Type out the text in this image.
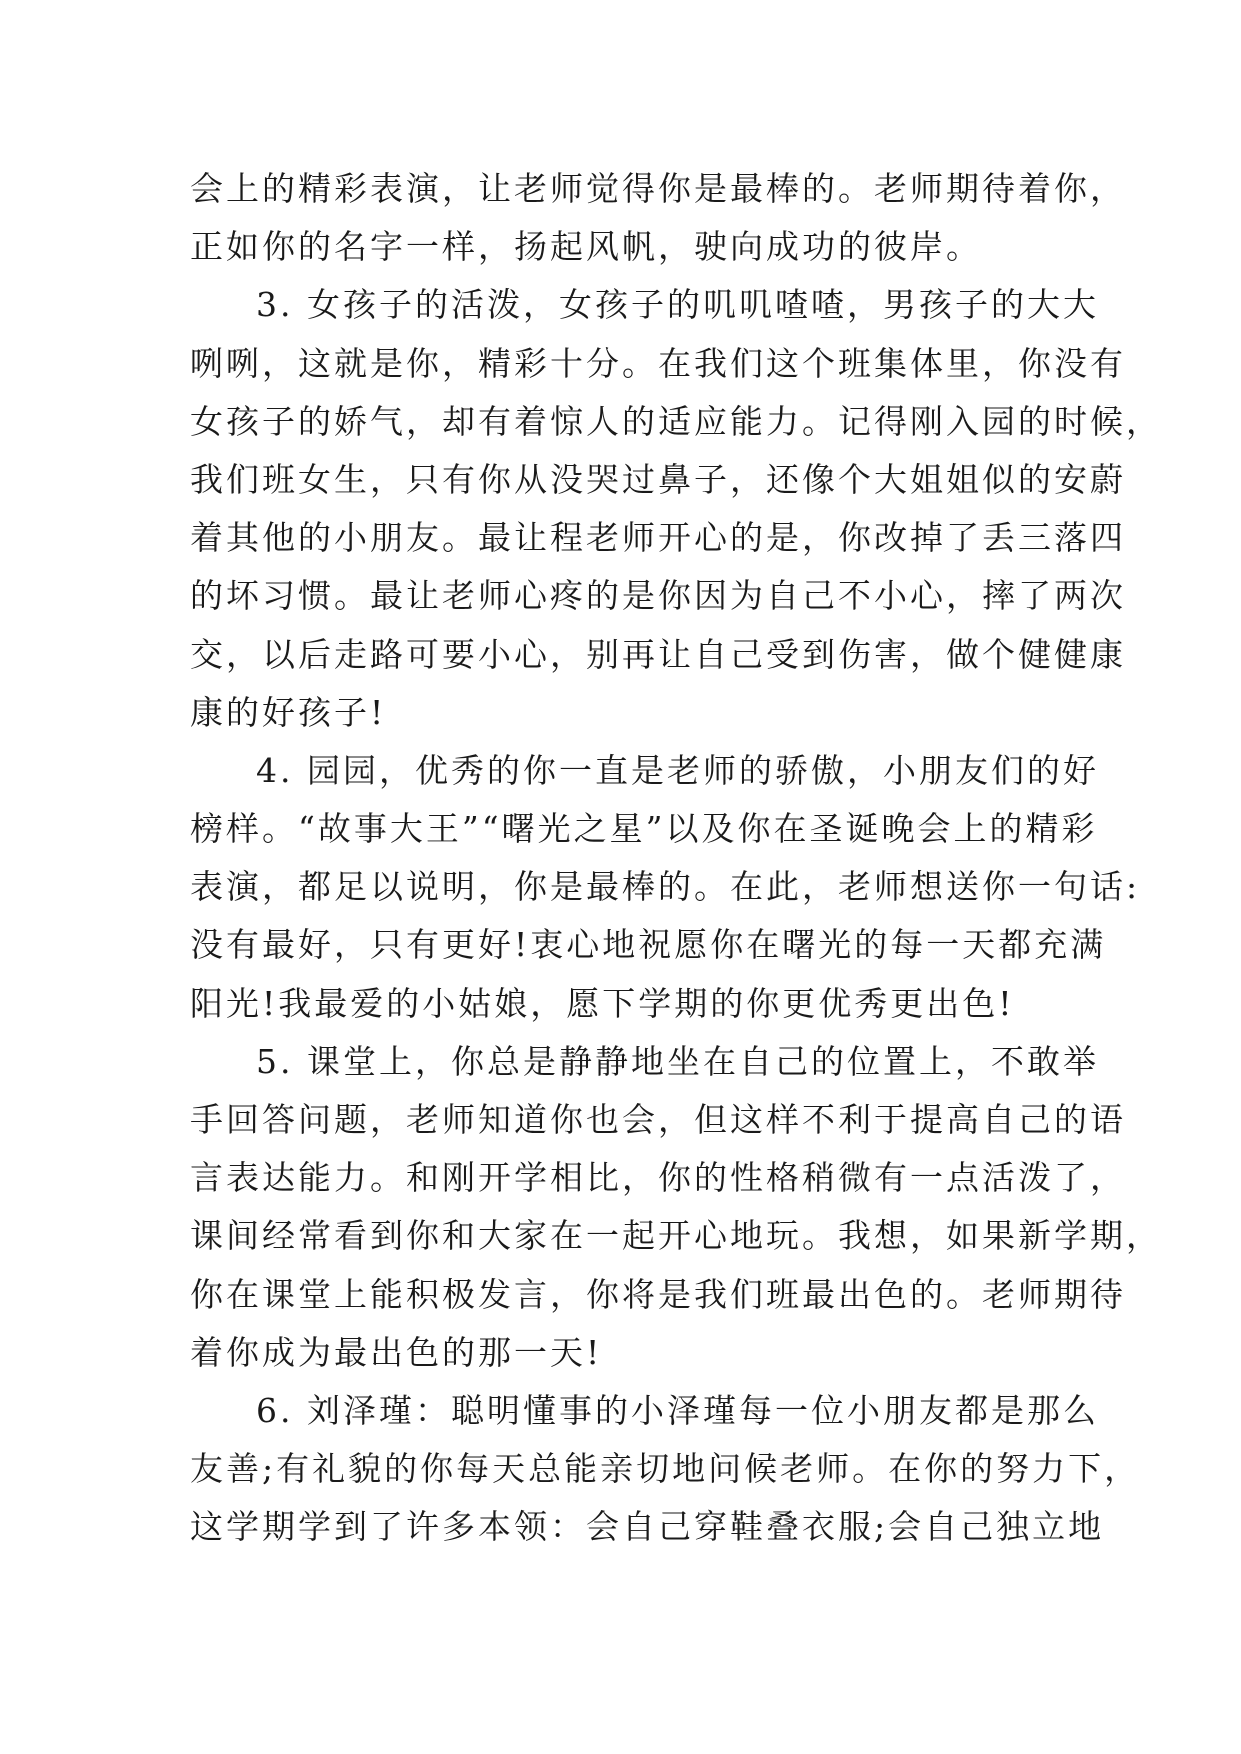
会上的精彩表演，让老师觉得你是最棒的。老师期待着你，
正如你的名字一样，扬起风帆，驶向成功的彼岸。
3. 女孩子的活泼，女孩子的叽叽喳喳，男孩子的大大
咧咧，这就是你，精彩十分。在我们这个班集体里，你没有
女孩子的娇气，却有着惊人的适应能力。记得刚入园的时候，
我们班女生，只有你从没哭过鼻子，还像个大姐姐似的安蔚
着其他的小朋友。最让程老师开心的是，你改掉了丢三落四
的坏习惯。最让老师心疼的是你因为自己不小心，摔了两次
交，以后走路可要小心，别再让自己受到伤害，做个健健康
康的好孩子!
4. 园园，优秀的你一直是老师的骄傲，小朋友们的好
榜样。“故事大王”“曙光之星”以及你在圣诞晚会上的精彩
表演，都足以说明，你是最棒的。在此，老师想送你一句话:
没有最好，只有更好!衷心地祝愿你在曙光的每一天都充满
阳光!我最爱的小姑娘，愿下学期的你更优秀更出色!
5. 课堂上，你总是静静地坐在自己的位置上，不敢举
手回答问题，老师知道你也会，但这样不利于提高自己的语
言表达能力。和刚开学相比，你的性格稍微有一点活泼了，
课间经常看到你和大家在一起开心地玩。我想，如果新学期，
你在课堂上能积极发言，你将是我们班最出色的。老师期待
着你成为最出色的那一天!
6. 刘泽瑾：聪明懂事的小泽瑾每一位小朋友都是那么
友善;有礼貌的你每天总能亲切地问候老师。在你的努力下，
这学期学到了许多本领：会自己穿鞋叠衣服;会自己独立地
